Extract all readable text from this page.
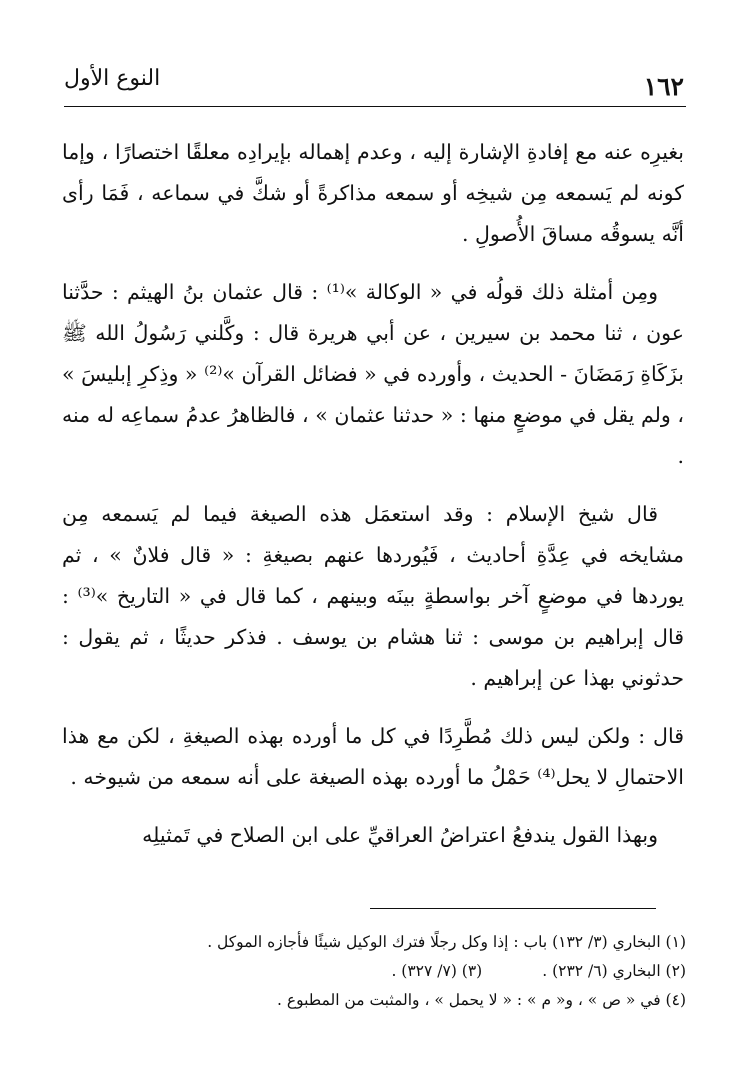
١٦٢
النوع الأول

بغيرِه عنه مع إفادةِ الإشارة إليه ، وعدم إهماله بإيرادِه معلقًا اختصارًا ، وإما كونه لم يَسمعه مِن شيخِه أو سمعه مذاكرةً أو شكَّ في سماعه ، فَمَا رأى أنَّه يسوقُه مساقَ الأُصولِ .

ومِن أمثلة ذلك قولُه في « الوكالة »⁽¹⁾ : قال عثمان بنُ الهيثم : حدَّثنا عون ، ثنا محمد بن سيرين ، عن أبي هريرة قال : وكَّلني رَسُولُ الله ﷺ بزَكَاةِ رَمَضَانَ - الحديث ، وأورده في « فضائل القرآن »⁽²⁾ « وذِكرِ إبليسَ » ، ولم يقل في موضعٍ منها : « حدثنا عثمان » ، فالظاهرُ عدمُ سماعِه له منه .

قال شيخ الإسلام : وقد استعمَل هذه الصيغة فيما لم يَسمعه مِن مشايخه في عِدَّةِ أحاديث ، فَيُوردها عنهم بصيغةِ : « قال فلانٌ » ، ثم يوردها في موضعٍ آخر بواسطةٍ بينَه وبينهم ، كما قال في « التاريخ »⁽³⁾ : قال إبراهيم بن موسى : ثنا هشام بن يوسف . فذكر حديثًا ، ثم يقول : حدثوني بهذا عن إبراهيم .

قال : ولكن ليس ذلك مُطَّرِدًا في كل ما أورده بهذه الصيغةِ ، لكن مع هذا الاحتمالِ لا يحل⁽⁴⁾ حَمْلُ ما أورده بهذه الصيغة على أنه سمعه من شيوخه .

وبهذا القول يندفعُ اعتراضُ العراقيِّ على ابن الصلاح في تَمثيلِه

(١) البخاري (٣/ ١٣٢) باب : إذا وكل رجلًا فترك الوكيل شيئًا فأجازه الموكل .

(٢) البخاري (٦/ ٢٣٢) .
(٣) (٧/ ٣٢٧) .

(٤) في « ص » ، و« م » : « لا يحمل » ، والمثبت من المطبوع .
